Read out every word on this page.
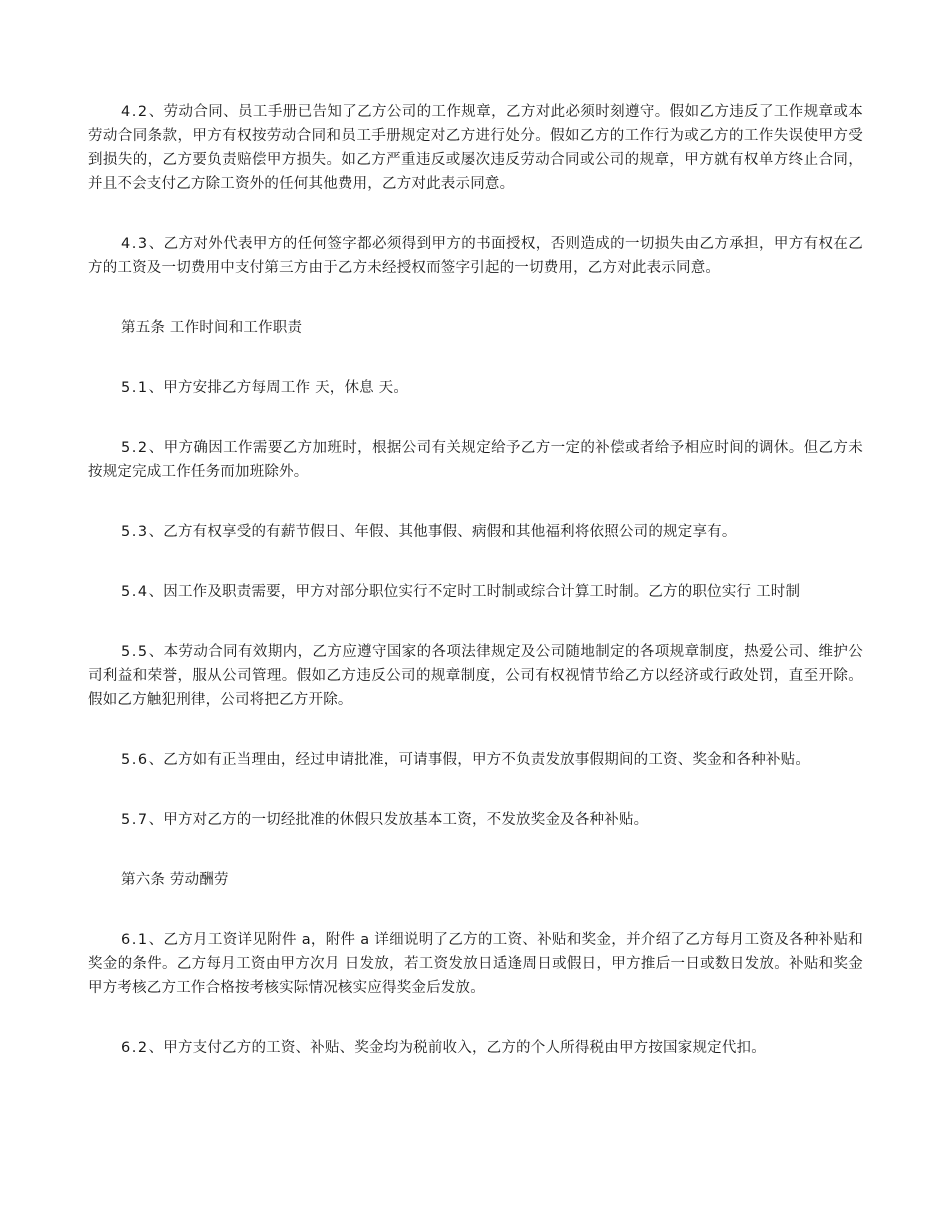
4.2、劳动合同、员工手册已告知了乙方公司的工作规章，乙方对此必须时刻遵守。假如乙方违反了工作规章或本劳动合同条款，甲方有权按劳动合同和员工手册规定对乙方进行处分。假如乙方的工作行为或乙方的工作失误使甲方受到损失的，乙方要负责赔偿甲方损失。如乙方严重违反或屡次违反劳动合同或公司的规章，甲方就有权单方终止合同，并且不会支付乙方除工资外的任何其他费用，乙方对此表示同意。

4.3、乙方对外代表甲方的任何签字都必须得到甲方的书面授权，否则造成的一切损失由乙方承担，甲方有权在乙方的工资及一切费用中支付第三方由于乙方未经授权而签字引起的一切费用，乙方对此表示同意。

第五条 工作时间和工作职责

5.1、甲方安排乙方每周工作 天，休息 天。

5.2、甲方确因工作需要乙方加班时，根据公司有关规定给予乙方一定的补偿或者给予相应时间的调休。但乙方未按规定完成工作任务而加班除外。

5.3、乙方有权享受的有薪节假日、年假、其他事假、病假和其他福利将依照公司的规定享有。

5.4、因工作及职责需要，甲方对部分职位实行不定时工时制或综合计算工时制。乙方的职位实行 工时制

5.5、本劳动合同有效期内，乙方应遵守国家的各项法律规定及公司随地制定的各项规章制度，热爱公司、维护公司利益和荣誉，服从公司管理。假如乙方违反公司的规章制度，公司有权视情节给乙方以经济或行政处罚，直至开除。假如乙方触犯刑律，公司将把乙方开除。

5.6、乙方如有正当理由，经过申请批准，可请事假，甲方不负责发放事假期间的工资、奖金和各种补贴。

5.7、甲方对乙方的一切经批准的休假只发放基本工资，不发放奖金及各种补贴。

第六条 劳动酬劳

6.1、乙方月工资详见附件 a，附件 a 详细说明了乙方的工资、补贴和奖金，并介绍了乙方每月工资及各种补贴和奖金的条件。乙方每月工资由甲方次月 日发放，若工资发放日适逢周日或假日，甲方推后一日或数日发放。补贴和奖金甲方考核乙方工作合格按考核实际情况核实应得奖金后发放。

6.2、甲方支付乙方的工资、补贴、奖金均为税前收入，乙方的个人所得税由甲方按国家规定代扣。
